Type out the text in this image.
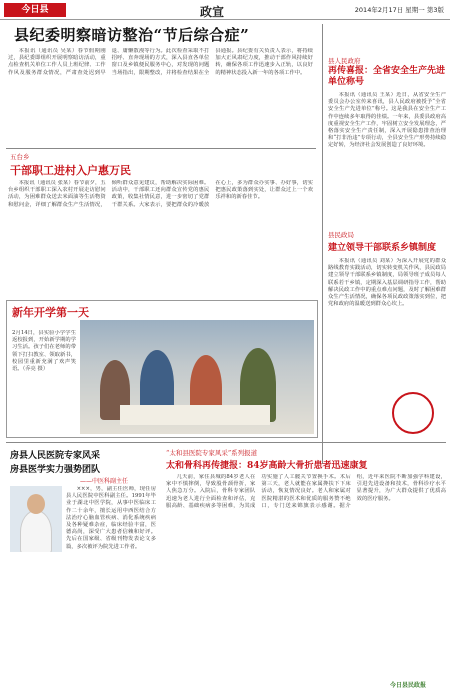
今日县	政宣	2014年2月17日 星期一 第3版
县纪委明察暗访整治“节后综合症”
本报讯（通讯员 吴某）春节假期刚过，县纪委即组织开展明察暗访活动，重点检查机关单位工作人员上班纪律、工作作风及服务群众情况，严肃查处迟到早退、庸懒散漫等行为。此次检查采取不打招呼、直奔现场的方式，深入县直各单位窗口及乡镇便民服务中心，对发现的问题当场指出，限期整改，并将检查结果在全县通报。县纪委有关负责人表示，将持续加大正风肃纪力度，推动干部作风持续好转，确保各项工作迅速步入正轨，以良好的精神状态投入新一年的各项工作中。
五台乡
干部职工进村入户惠万民
本报讯（通讯员 张某）春节前夕，五台乡组织干部职工深入农村开展走访慰问活动，为困难群众送去米面油等生活物资和慰问金，详细了解群众生产生活情况，倾听群众意见建议，帮助解决实际困难。活动中，干部职工还向群众宣传党的惠民政策，收集社情民意，进一步密切了党群干群关系。大家表示，要把群众的冷暖放在心上，多为群众办实事、办好事，切实把惠民政策落到实处，让群众过上一个欢乐祥和的新春佳节。
新年开学第一天
2月14日，县实验小学学生返校报到，开始新学期的学习生活。孩子们在老师的带领下打扫教室、领取新书，校园里重新充满了欢声笑语。（乔亮 摄）
县人民政府
再传喜报：全省安全生产先进单位称号
本报讯（通讯员 王某）近日，从省安全生产委员会办公室传来喜讯，县人民政府被授予“全省安全生产先进单位”称号。这是我县在安全生产工作中连续多年取得的佳绩。一年来，县委县政府高度重视安全生产工作，牢固树立安全发展理念，严格落实安全生产责任制，深入开展隐患排查治理和“打非治违”专项行动，全县安全生产形势持续稳定好转，为经济社会发展创造了良好环境。
县民政局
建立领导干部联系乡镇制度
本报讯（通讯员 刘某）为深入开展党的群众路线教育实践活动，切实转变机关作风，县民政局建立领导干部联系乡镇制度，局领导班子成员每人联系若干乡镇，定期深入基层调研指导工作，帮助解决民政工作中的重点难点问题，及时了解困难群众生产生活情况，确保各项民政政策落实到位，把党和政府的温暖送到群众心坎上。
房县人民医院专家风采
房县医学实力强势团队
——中医科副主任
×××，男，副主任医师，现任房县人民医院中医科副主任。1991年毕业于湖北中医学院，从事中医临床工作二十余年，擅长运用中西医结合方法治疗心脑血管疾病、消化系统疾病及各种疑难杂症，临床经验丰富，医德高尚，深受广大患者信赖和好评。先后在国家级、省级刊物发表论文多篇，多次被评为院先进工作者。
“太和县医院专家风采”系列报道
太和骨科再传捷报：84岁高龄大骨折患者迅速康复
几天前，家住县城的84岁老人在家中不慎摔倒，导致股骨颈骨折，家人焦急万分。入院后，骨科专家团队迅速为老人进行全面检查和评估，克服高龄、基础疾病多等困难，为其成功实施了人工髋关节置换手术。术后第三天，老人就能在家属搀扶下下床活动，恢复情况良好。老人和家属对医院精湛的医术和优质的服务赞不绝口，专门送来锦旗表示感谢。据介绍，近年来医院不断加强学科建设，引进先进设备和技术，骨科诊疗水平显著提升，为广大群众提供了优质高效的医疗服务。
今日县民政报
